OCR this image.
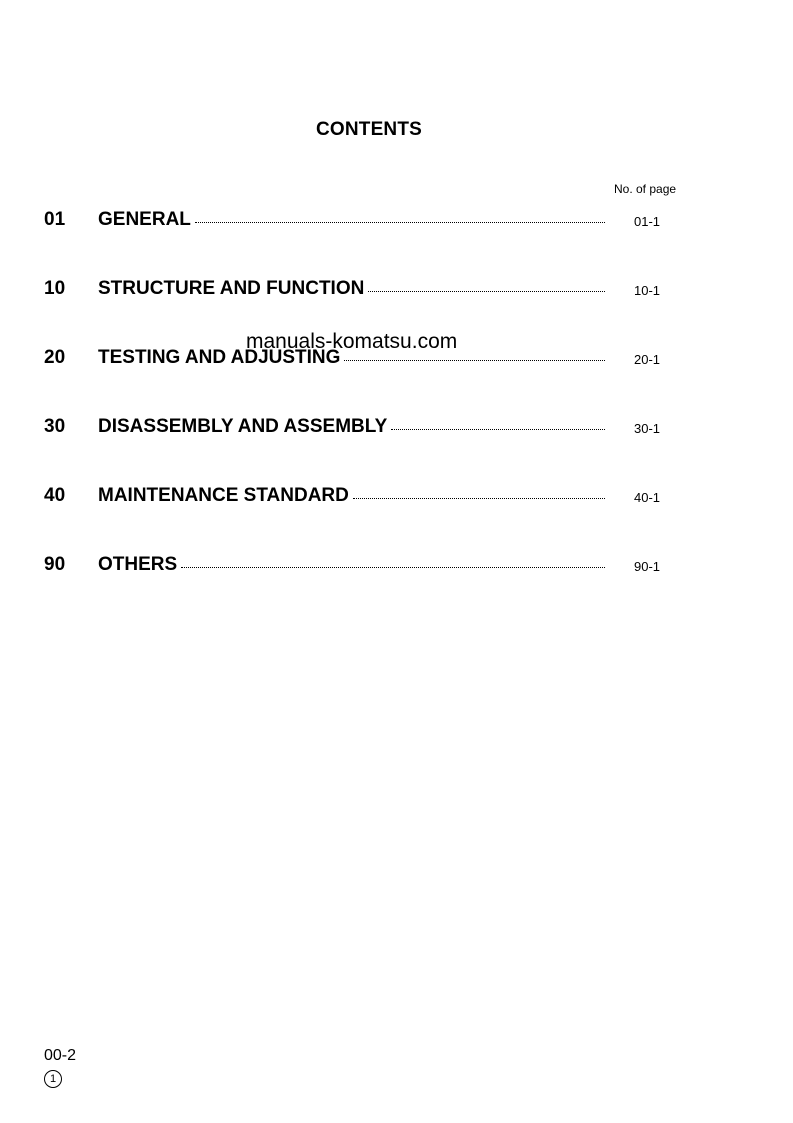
CONTENTS
No. of page
01 GENERAL	01-1
10 STRUCTURE AND FUNCTION	10-1
20 TESTING AND ADJUSTING	20-1
30 DISASSEMBLY AND ASSEMBLY	30-1
40 MAINTENANCE STANDARD	40-1
90 OTHERS	90-1
manuals-komatsu.com
00-2
1
